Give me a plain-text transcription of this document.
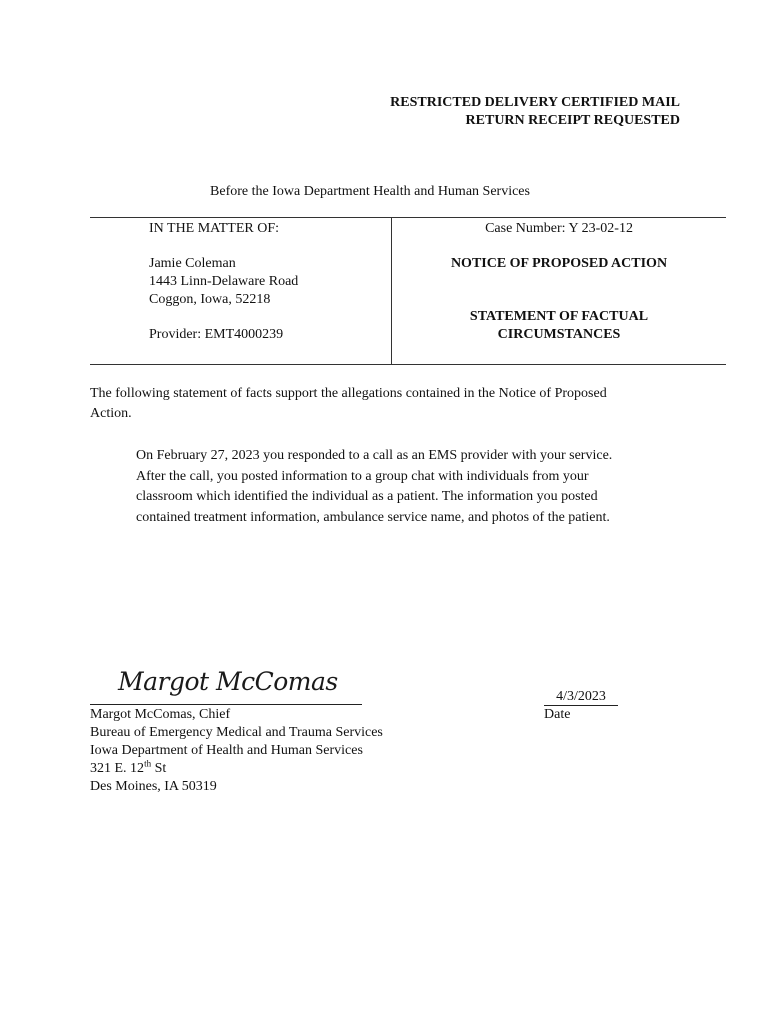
RESTRICTED DELIVERY CERTIFIED MAIL
RETURN RECEIPT REQUESTED
Before the Iowa Department Health and Human Services
IN THE MATTER OF:
Jamie Coleman
1443 Linn-Delaware Road
Coggon, Iowa, 52218
Provider: EMT4000239
Case Number: Y 23-02-12
NOTICE OF PROPOSED ACTION
STATEMENT OF FACTUAL
CIRCUMSTANCES
The following statement of facts support the allegations contained in the Notice of Proposed
Action.
On February 27, 2023 you responded to a call as an EMS provider with your service.
After the call, you posted information to a group chat with individuals from your
classroom which identified the individual as a patient. The information you posted
contained treatment information, ambulance service name, and photos of the patient.
Margot McComas
Margot McComas, Chief
Bureau of Emergency Medical and Trauma Services
Iowa Department of Health and Human Services
321 E. 12th St
Des Moines, IA 50319
4/3/2023
Date
